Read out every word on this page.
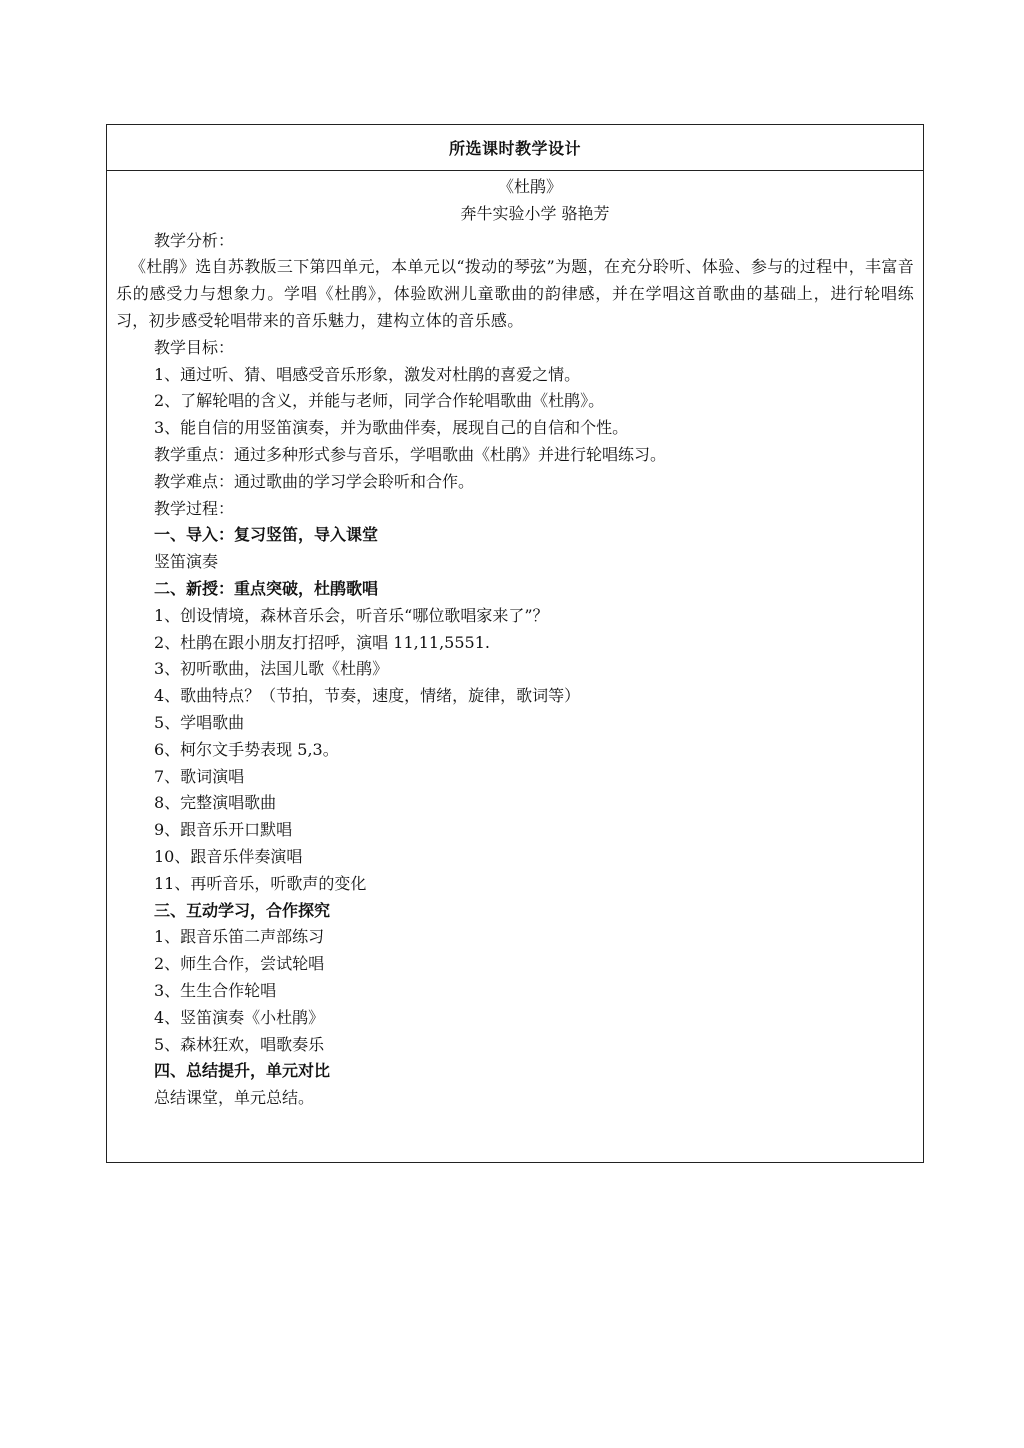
所选课时教学设计

《杜鹃》

奔牛实验小学 骆艳芳

教学分析：

《杜鹃》选自苏教版三下第四单元，本单元以“拨动的琴弦”为题，在充分聆听、体验、参与的过程中，丰富音乐的感受力与想象力。学唱《杜鹃》，体验欧洲儿童歌曲的韵律感，并在学唱这首歌曲的基础上，进行轮唱练习，初步感受轮唱带来的音乐魅力，建构立体的音乐感。

教学目标：

1、通过听、猜、唱感受音乐形象，激发对杜鹃的喜爱之情。

2、了解轮唱的含义，并能与老师，同学合作轮唱歌曲《杜鹃》。

3、能自信的用竖笛演奏，并为歌曲伴奏，展现自己的自信和个性。

教学重点：通过多种形式参与音乐，学唱歌曲《杜鹃》并进行轮唱练习。

教学难点：通过歌曲的学习学会聆听和合作。

教学过程：

一、导入：复习竖笛，导入课堂

竖笛演奏

二、新授：重点突破，杜鹃歌唱

1、创设情境，森林音乐会，听音乐“哪位歌唱家来了”？

2、杜鹃在跟小朋友打招呼，演唱 11,11,5551.

3、初听歌曲，法国儿歌《杜鹃》

4、歌曲特点？（节拍，节奏，速度，情绪，旋律，歌词等）

5、学唱歌曲

6、柯尔文手势表现 5,3。

7、歌词演唱

8、完整演唱歌曲

9、跟音乐开口默唱

10、跟音乐伴奏演唱

11、再听音乐，听歌声的变化

三、互动学习，合作探究

1、跟音乐笛二声部练习

2、师生合作，尝试轮唱

3、生生合作轮唱

4、竖笛演奏《小杜鹃》

5、森林狂欢，唱歌奏乐

四、总结提升，单元对比

总结课堂，单元总结。
